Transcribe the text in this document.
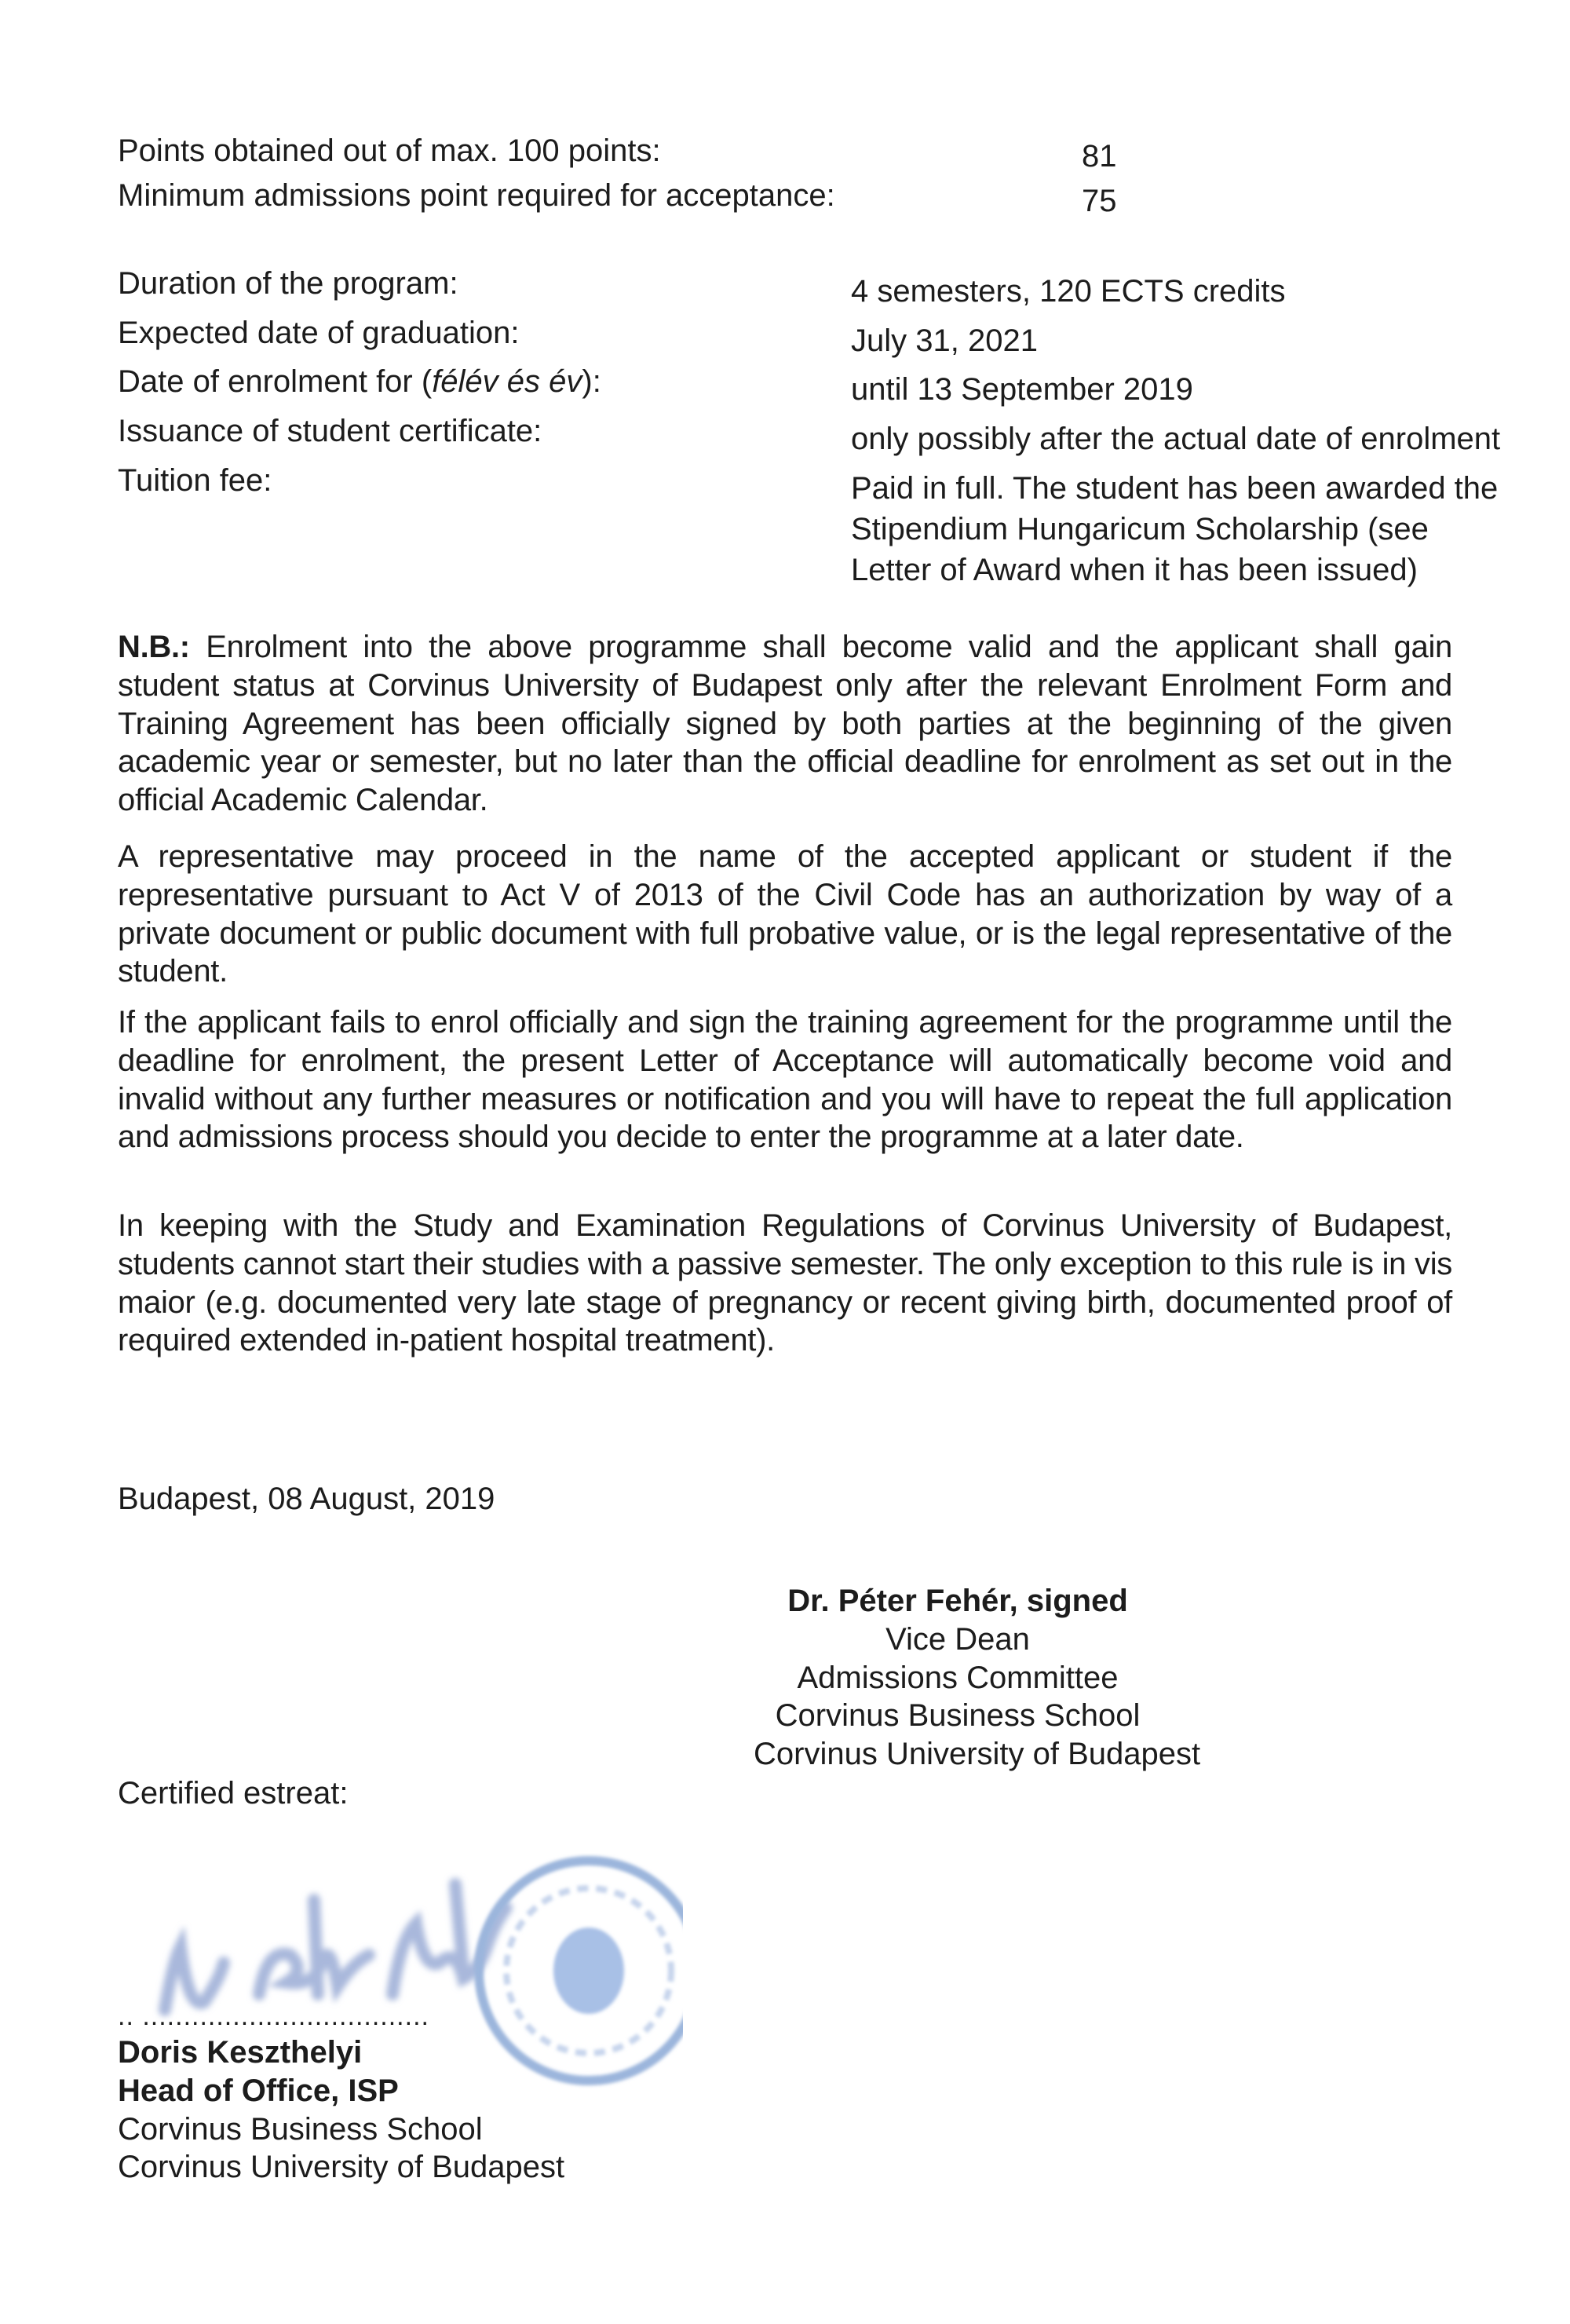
Points obtained out of max. 100 points:	81
Minimum admissions point required for acceptance:	75
Duration of the program:	4 semesters, 120 ECTS credits
Expected date of graduation:	July 31, 2021
Date of enrolment for (félév és év):	until 13 September 2019
Issuance of student certificate:	only possibly after the actual date of enrolment
Tuition fee:	Paid in full. The student has been awarded the
Stipendium Hungaricum Scholarship (see
Letter of Award when it has been issued)

N.B.: Enrolment into the above programme shall become valid and the applicant shall gain student status at Corvinus University of Budapest only after the relevant Enrolment Form and Training Agreement has been officially signed by both parties at the beginning of the given academic year or semester, but no later than the official deadline for enrolment as set out in the official Academic Calendar.

A representative may proceed in the name of the accepted applicant or student if the representative pursuant to Act V of 2013 of the Civil Code has an authorization by way of a private document or public document with full probative value, or is the legal representative of the student.

If the applicant fails to enrol officially and sign the training agreement for the programme until the deadline for enrolment, the present Letter of Acceptance will automatically become void and invalid without any further measures or notification and you will have to repeat the full application and admissions process should you decide to enter the programme at a later date.

In keeping with the Study and Examination Regulations of Corvinus University of Budapest, students cannot start their studies with a passive semester. The only exception to this rule is in vis maior (e.g. documented very late stage of pregnancy or recent giving birth, documented proof of required extended in-patient hospital treatment).

Budapest, 08 August, 2019
Dr. Péter Fehér, signed
Vice Dean
Admissions Committee
Corvinus Business School
Corvinus University of Budapest
Certified estreat:
.. ...................................
Doris Keszthelyi
Head of Office, ISP
Corvinus Business School
Corvinus University of Budapest
